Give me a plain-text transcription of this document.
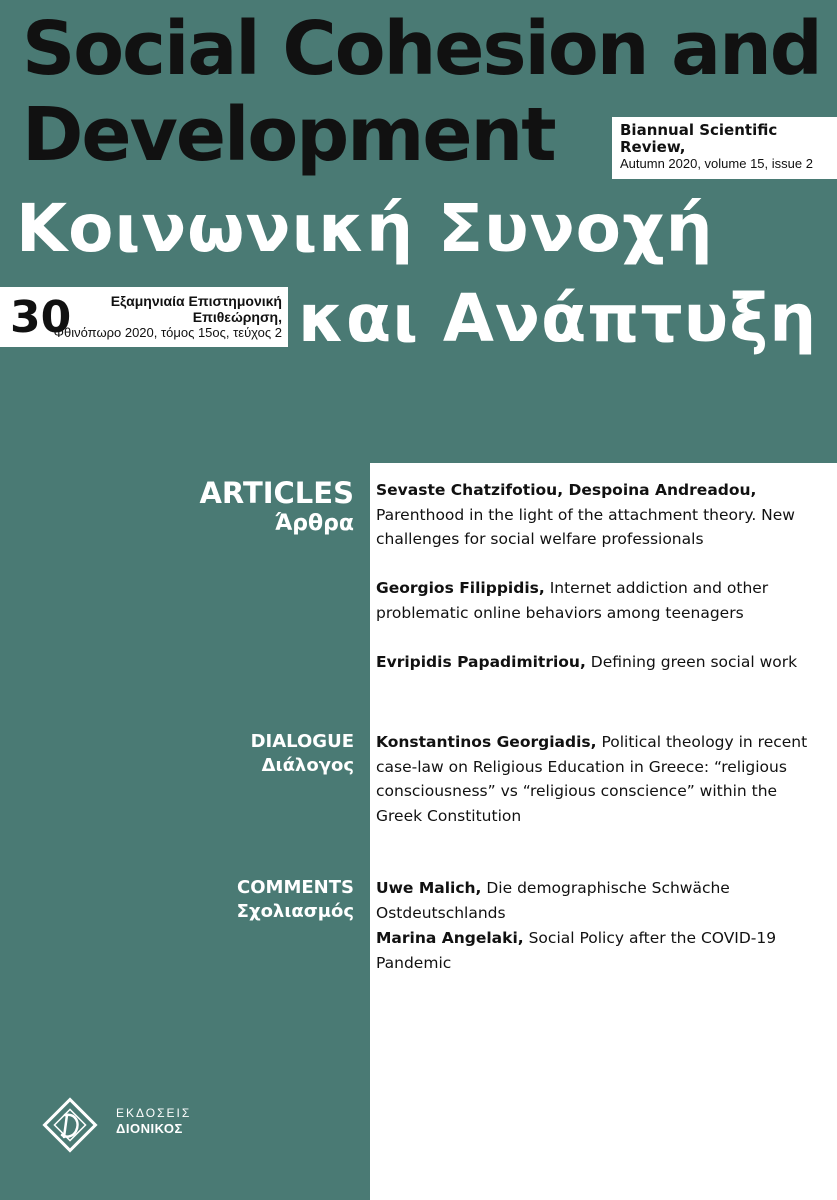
Social Cohesion and
Development	Biannual Scientific Review,
Autumn 2020, volume 15, issue 2
Κοινωνική Συνοχή
και Ανάπτυξη
30	Εξαμηνιαία Επιστημονική
Επιθεώρηση,
Φθινόπωρο 2020, τόμος 15ος, τεύχος 2
ARTICLES
Άρθρα
DIALOGUE
Διάλογος
COMMENTS
Σχολιασμός
Sevaste Chatzifotiou, Despoina Andreadou, Parenthood in the light of the attachment theory. New challenges for social welfare professionals
Georgios Filippidis, Internet addiction and other problematic online behaviors among teenagers
Evripidis Papadimitriou, Defining green social work
Konstantinos Georgiadis, Political theology in recent case-law on Religious Education in Greece: “religious consciousness” vs “religious conscience” within the Greek Constitution
Uwe Malich, Die demographische Schwäche Ostdeutschlands
Marina Angelaki, Social Policy after the COVID-19 Pandemic
ΕΚΔΟΣΕΙΣ
ΔΙΟΝΙΚΟΣ
